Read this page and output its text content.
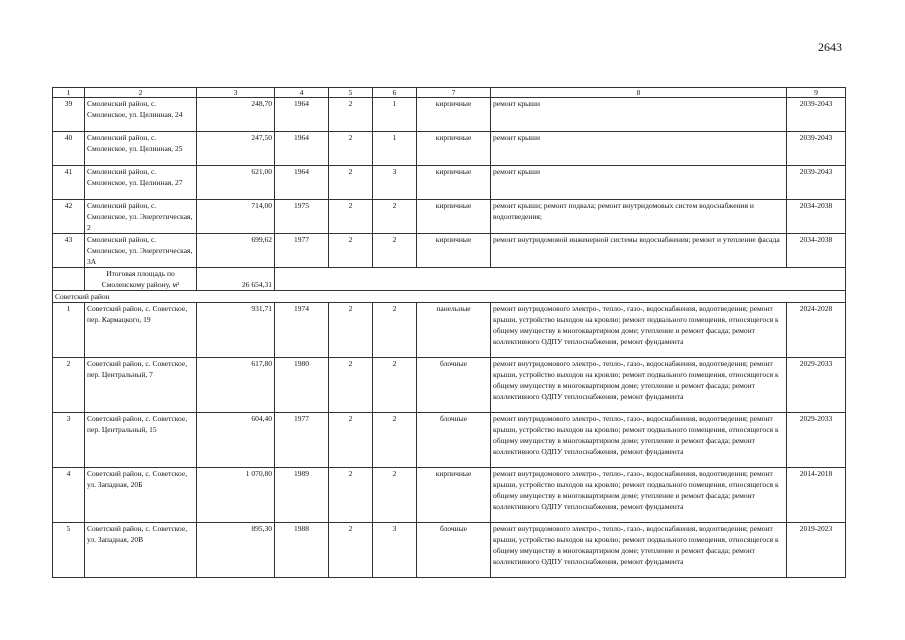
2643
1	2	3	4	5	6	7	8	9
39	Смоленский район, с. Смоленское, ул. Целинная, 24	248,70	1964	2	1	кирпичные	ремонт крыши	2039-2043
40	Смоленский район, с. Смоленское, ул. Целинная, 25	247,50	1964	2	1	кирпичные	ремонт крыши	2039-2043
41	Смоленский район, с. Смоленское, ул. Целинная, 27	621,00	1964	2	3	кирпичные	ремонт крыши	2039-2043
42	Смоленский район, с. Смоленское, ул. Энергетическая, 2	714,00	1975	2	2	кирпичные	ремонт крыши; ремонт подвала; ремонт внутридомовых систем водоснабжения и водоотведения;	2034-2038
43	Смоленский район, с. Смоленское, ул. Энергетическая, 3А	699,62	1977	2	2	кирпичные	ремонт внутридомовой инженерной системы водоснабжения; ремонт и утепление фасада	2034-2038
	Итоговая площадь по Смоленскому району, м²	26 654,31						
Советский район								
1	Советский район, с. Советское, пер. Кармацкого, 19	931,71	1974	2	2	панельные	ремонт внутридомового электро-, тепло-, газо-, водоснабжения, водоотведения; ремонт крыши, устройство выходов на кровлю; ремонт подвального помещения, относящегося к общему имуществу в многоквартирном доме; утепление и ремонт фасада; ремонт коллективного ОДПУ теплоснабжения, ремонт фундамента	2024-2028
2	Советский район, с. Советское, пер. Центральный, 7	617,80	1980	2	2	блочные	ремонт внутридомового электро-, тепло-, газо-, водоснабжения, водоотведения; ремонт крыши, устройство выходов на кровлю; ремонт подвального помещения, относящегося к общему имуществу в многоквартирном доме; утепление и ремонт фасада; ремонт коллективного ОДПУ теплоснабжения, ремонт фундамента	2029-2033
3	Советский район, с. Советское, пер. Центральный, 15	604,40	1977	2	2	блочные	ремонт внутридомового электро-, тепло-, газо-, водоснабжения, водоотведения; ремонт крыши, устройство выходов на кровлю; ремонт подвального помещения, относящегося к общему имуществу в многоквартирном доме; утепление и ремонт фасада; ремонт коллективного ОДПУ теплоснабжения, ремонт фундамента	2029-2033
4	Советский район, с. Советское, ул. Западная, 20Б	1 070,80	1989	2	2	кирпичные	ремонт внутридомового электро-, тепло-, газо-, водоснабжения, водоотведения; ремонт крыши, устройство выходов на кровлю; ремонт подвального помещения, относящегося к общему имуществу в многоквартирном доме; утепление и ремонт фасада; ремонт коллективного ОДПУ теплоснабжения, ремонт фундамента	2014-2018
5	Советский район, с. Советское, ул. Западная, 20В	895,30	1988	2	3	блочные	ремонт внутридомового электро-, тепло-, газо-, водоснабжения, водоотведения; ремонт крыши, устройство выходов на кровлю; ремонт подвального помещения, относящегося к общему имуществу в многоквартирном доме; утепление и ремонт фасада; ремонт коллективного ОДПУ теплоснабжения, ремонт фундамента	2019-2023
